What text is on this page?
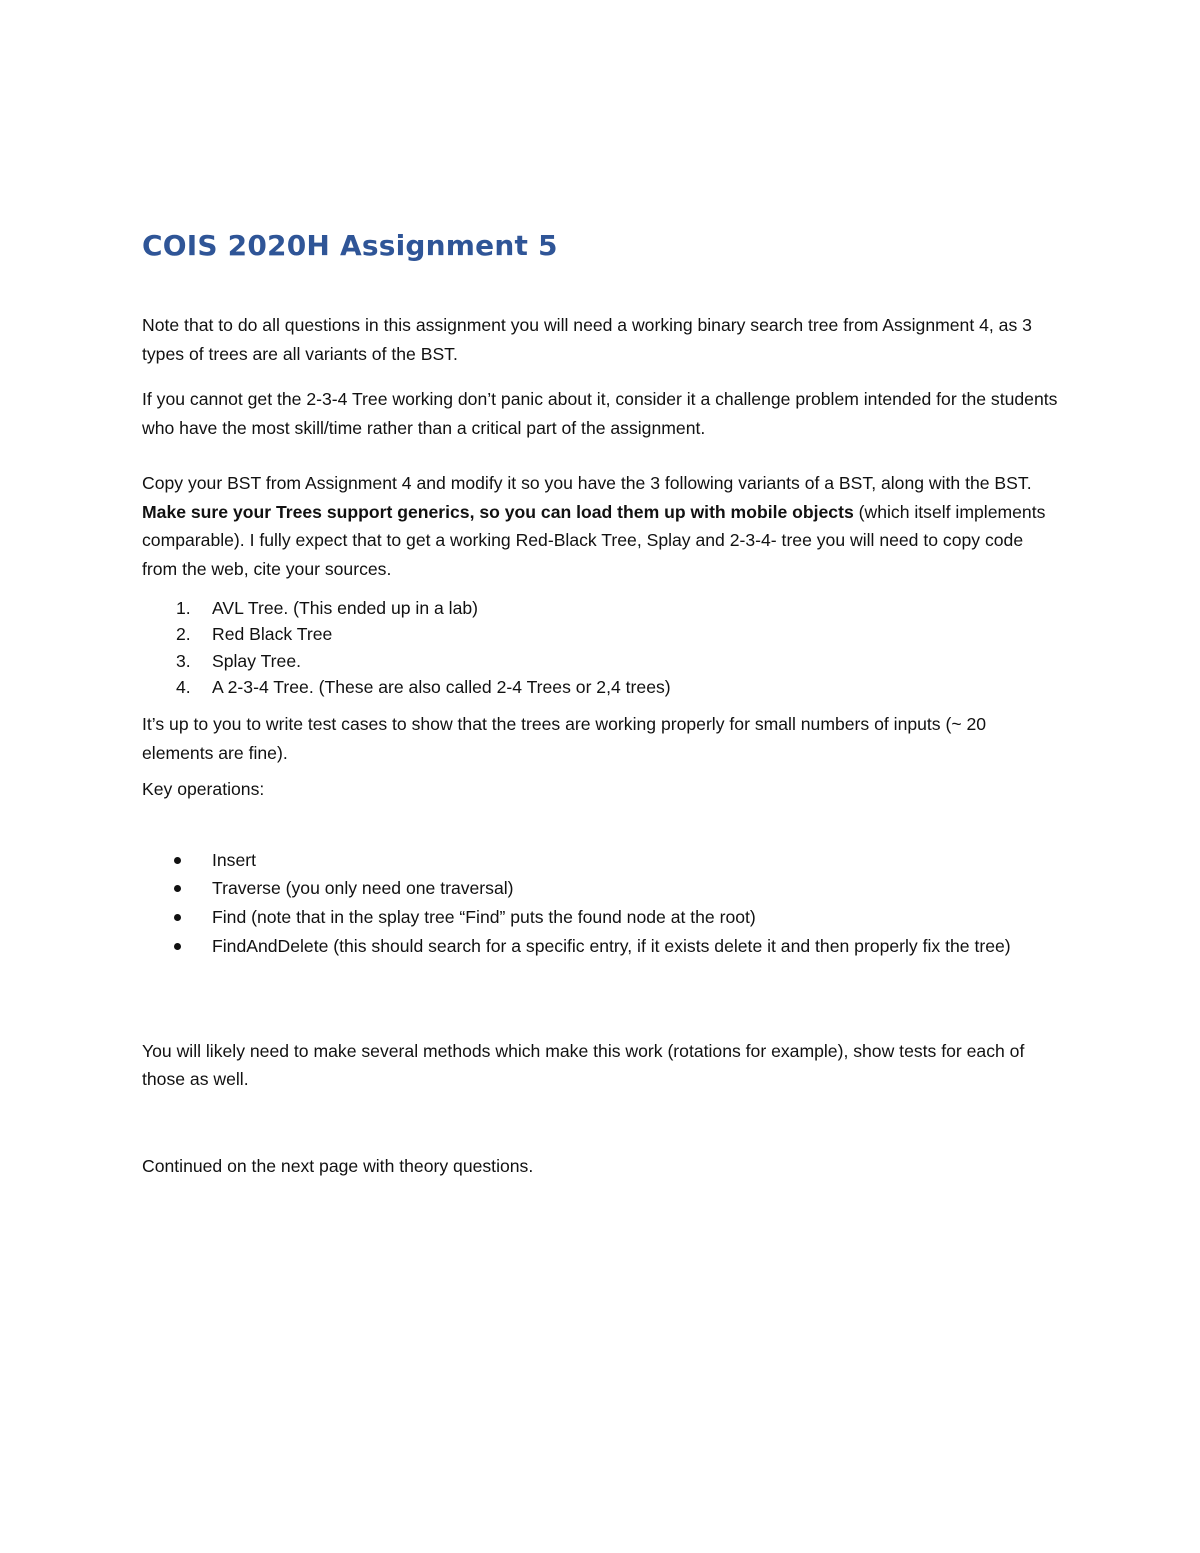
COIS 2020H Assignment 5

Note that to do all questions in this assignment you will need a working binary search tree from Assignment 4, as 3 types of trees are all variants of the BST.

If you cannot get the 2-3-4 Tree working don’t panic about it, consider it a challenge problem intended for the students who have the most skill/time rather than a critical part of the assignment.

Copy your BST from Assignment 4 and modify it so you have the 3 following variants of a BST, along with the BST. Make sure your Trees support generics, so you can load them up with mobile objects (which itself implements comparable). I fully expect that to get a working Red-Black Tree, Splay and 2-3-4- tree you will need to copy code from the web, cite your sources.

1. AVL Tree. (This ended up in a lab)
2. Red Black Tree
3. Splay Tree.
4. A 2-3-4 Tree. (These are also called 2-4 Trees or 2,4 trees)

It’s up to you to write test cases to show that the trees are working properly for small numbers of inputs (~ 20 elements are fine).

Key operations:

Insert
Traverse (you only need one traversal)
Find (note that in the splay tree “Find” puts the found node at the root)
FindAndDelete (this should search for a specific entry, if it exists delete it and then properly fix the tree)

You will likely need to make several methods which make this work (rotations for example), show tests for each of those as well.

Continued on the next page with theory questions.
